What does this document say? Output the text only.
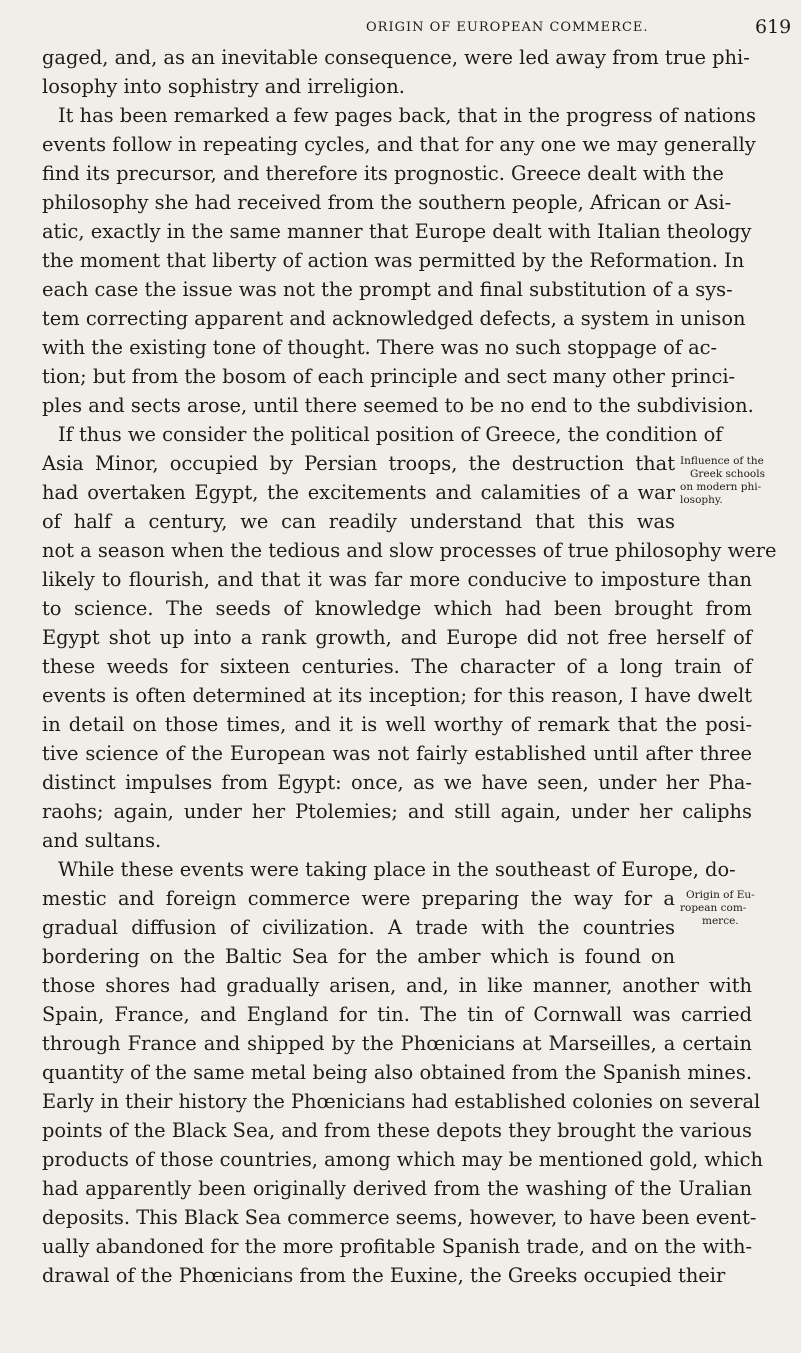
ORIGIN OF EUROPEAN COMMERCE.	619
gaged, and, as an inevitable consequence, were led away from true phi-
losophy into sophistry and irreligion.
It has been remarked a few pages back, that in the progress of nations
events follow in repeating cycles, and that for any one we may generally
find its precursor, and therefore its prognostic. Greece dealt with the
philosophy she had received from the southern people, African or Asi-
atic, exactly in the same manner that Europe dealt with Italian theology
the moment that liberty of action was permitted by the Reformation. In
each case the issue was not the prompt and final substitution of a sys-
tem correcting apparent and acknowledged defects, a system in unison
with the existing tone of thought. There was no such stoppage of ac-
tion; but from the bosom of each principle and sect many other princi-
ples and sects arose, until there seemed to be no end to the subdivision.
If thus we consider the political position of Greece, the condition of
Asia Minor, occupied by Persian troops, the destruction that
had overtaken Egypt, the excitements and calamities of a war
of half a century, we can readily understand that this was
not a season when the tedious and slow processes of true philosophy were
likely to flourish, and that it was far more conducive to imposture than
to science. The seeds of knowledge which had been brought from
Egypt shot up into a rank growth, and Europe did not free herself of
these weeds for sixteen centuries. The character of a long train of
events is often determined at its inception; for this reason, I have dwelt
in detail on those times, and it is well worthy of remark that the posi-
tive science of the European was not fairly established until after three
distinct impulses from Egypt: once, as we have seen, under her Pha-
raohs; again, under her Ptolemies; and still again, under her caliphs
and sultans.
While these events were taking place in the southeast of Europe, do-
mestic and foreign commerce were preparing the way for a
gradual diffusion of civilization. A trade with the countries
bordering on the Baltic Sea for the amber which is found on
those shores had gradually arisen, and, in like manner, another with
Spain, France, and England for tin. The tin of Cornwall was carried
through France and shipped by the Phœnicians at Marseilles, a certain
quantity of the same metal being also obtained from the Spanish mines.
Early in their history the Phœnicians had established colonies on several
points of the Black Sea, and from these depots they brought the various
products of those countries, among which may be mentioned gold, which
had apparently been originally derived from the washing of the Uralian
deposits. This Black Sea commerce seems, however, to have been event-
ually abandoned for the more profitable Spanish trade, and on the with-
drawal of the Phœnicians from the Euxine, the Greeks occupied their
Influence of the
Greek schools
on modern phi-
losophy.
Origin of Eu-
ropean com-
merce.
